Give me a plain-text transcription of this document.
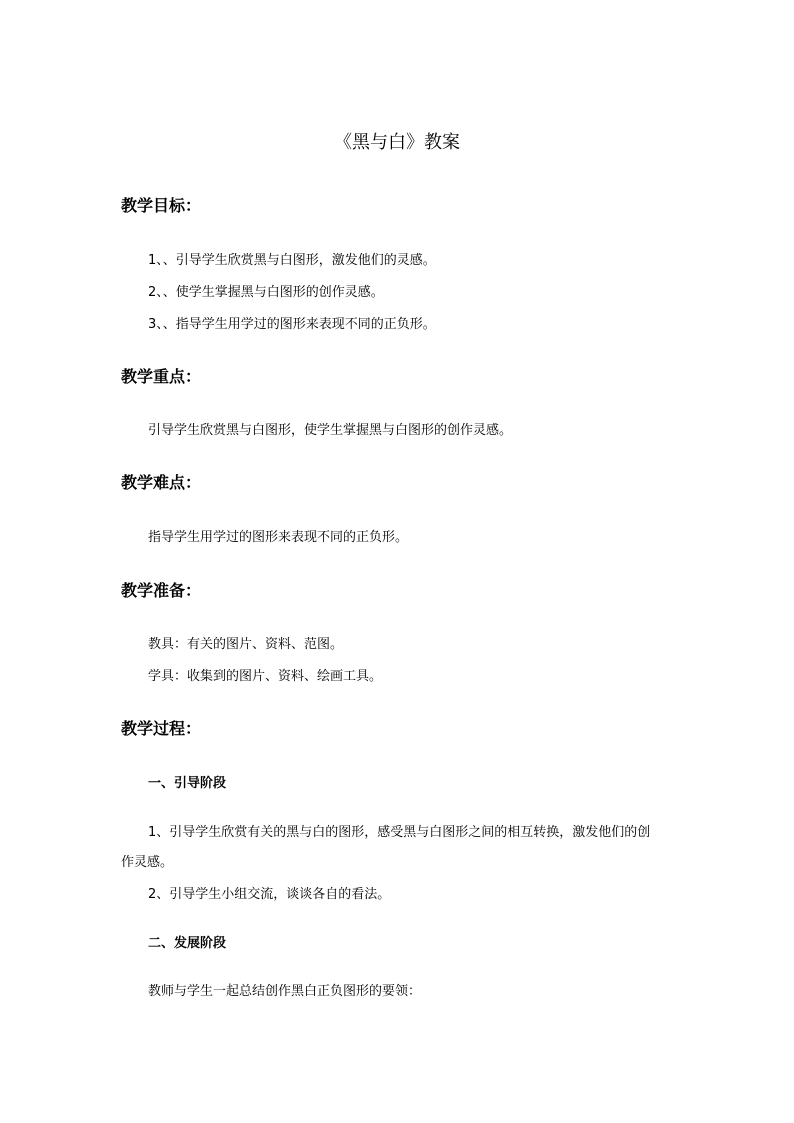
《黑与白》教案
教学目标：
1、、引导学生欣赏黑与白图形，激发他们的灵感。
2、、使学生掌握黑与白图形的创作灵感。
3、、指导学生用学过的图形来表现不同的正负形。
教学重点：
引导学生欣赏黑与白图形，使学生掌握黑与白图形的创作灵感。
教学难点：
指导学生用学过的图形来表现不同的正负形。
教学准备：
教具：有关的图片、资料、范图。
学具：收集到的图片、资料、绘画工具。
教学过程：
一、引导阶段
1、引导学生欣赏有关的黑与白的图形，感受黑与白图形之间的相互转换，激发他们的创
作灵感。
2、引导学生小组交流，谈谈各自的看法。
二、发展阶段
教师与学生一起总结创作黑白正负图形的要领：
